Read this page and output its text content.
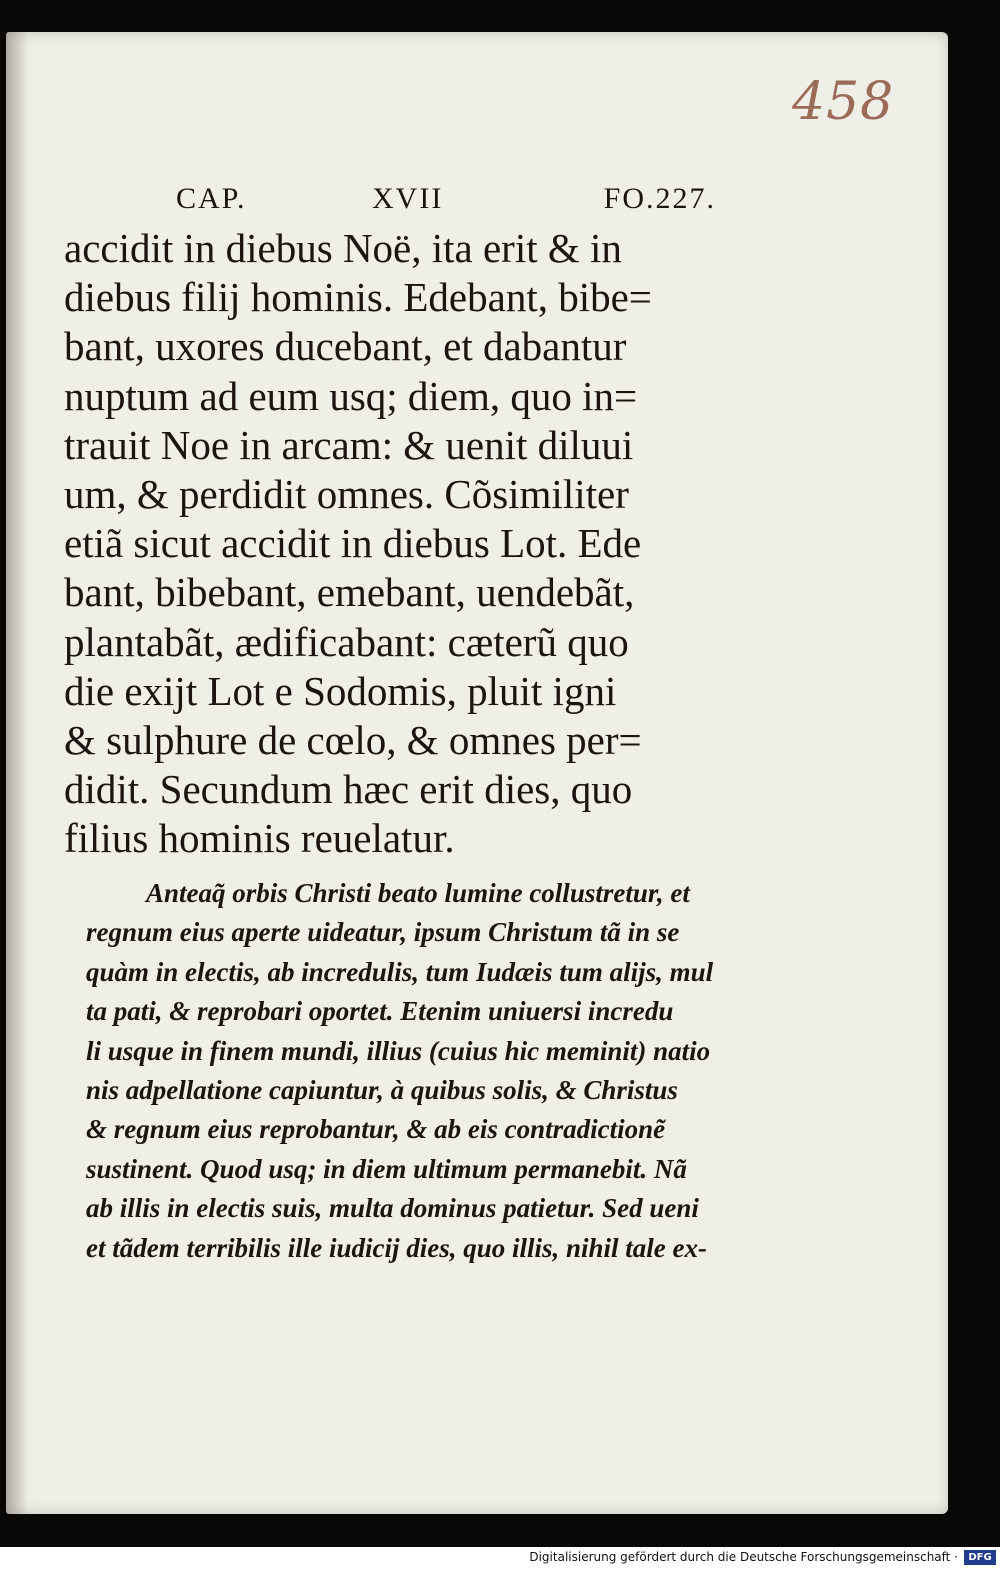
458
CAP.	XVII	FO.227.
accidit in diebus Noë, ita erit & in
diebus filij hominis. Edebant, bibe=
bant, uxores ducebant, et dabantur
nuptum ad eum usq; diem, quo in=
trauit Noe in arcam: & uenit diluui
um, & perdidit omnes. Cõsimiliter
etiã sicut accidit in diebus Lot. Ede
bant, bibebant, emebant, uendebãt,
plantabãt, ædificabant: cæterũ quo
die exijt Lot e Sodomis, pluit igni
& sulphure de cœlo, & omnes per=
didit. Secundum hæc erit dies, quo
filius hominis reuelatur.
Anteaq̃ orbis Christi beato lumine collustretur, et
regnum eius aperte uideatur, ipsum Christum tã in se
quàm in electis, ab incredulis, tum Iudæis tum alijs, mul
ta pati, & reprobari oportet. Etenim uniuersi incredu
li usque in finem mundi, illius (cuius hic meminit) natio
nis adpellatione capiuntur, à quibus solis, & Christus
& regnum eius reprobantur, & ab eis contradictionẽ
sustinent. Quod usq; in diem ultimum permanebit. Nã
ab illis in electis suis, multa dominus patietur. Sed ueni
et tãdem terribilis ille iudicij dies, quo illis, nihil tale ex-
Digitalisierung gefördert durch die Deutsche Forschungsgemeinschaft ·	DFG
